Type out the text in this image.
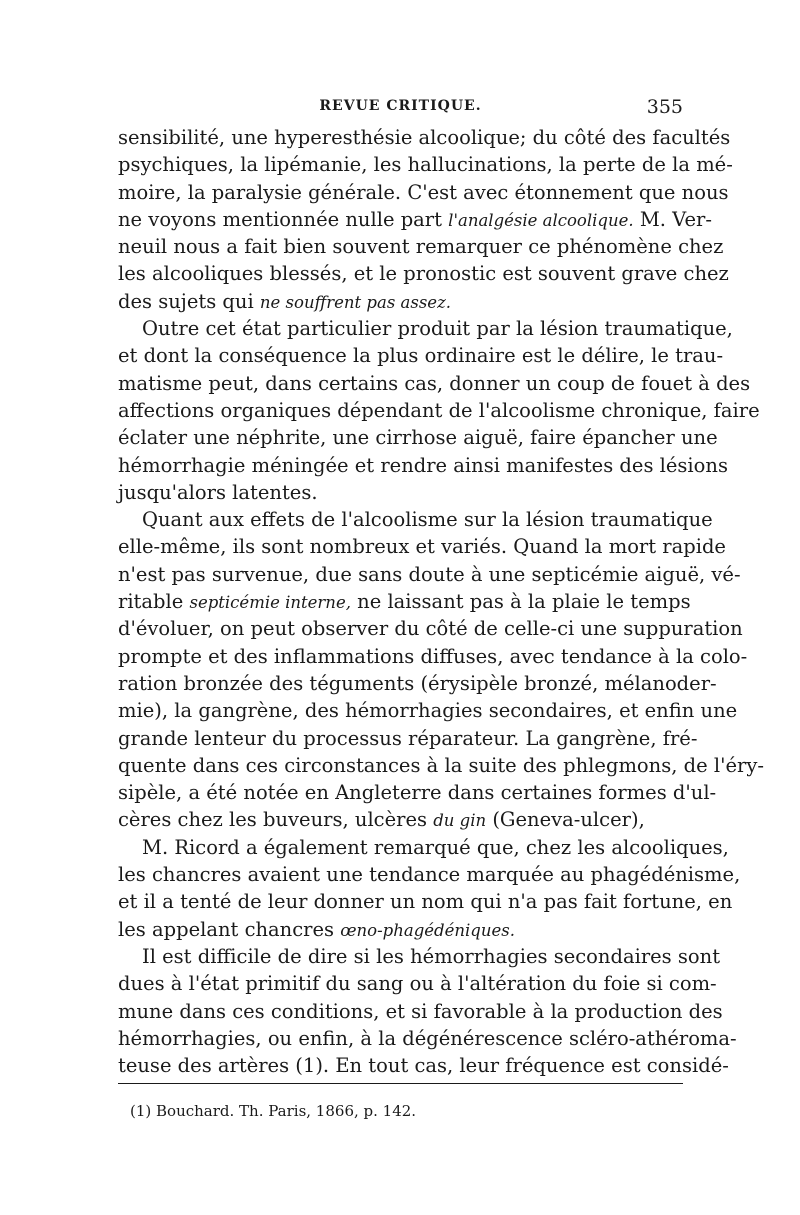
REVUE CRITIQUE.	355
sensibilité, une hyperesthésie alcoolique; du côté des facultés
psychiques, la lipémanie, les hallucinations, la perte de la mé-
moire, la paralysie générale. C'est avec étonnement que nous
ne voyons mentionnée nulle part l'analgésie alcoolique. M. Ver-
neuil nous a fait bien souvent remarquer ce phénomène chez
les alcooliques blessés, et le pronostic est souvent grave chez
des sujets qui ne souffrent pas assez.
Outre cet état particulier produit par la lésion traumatique,
et dont la conséquence la plus ordinaire est le délire, le trau-
matisme peut, dans certains cas, donner un coup de fouet à des
affections organiques dépendant de l'alcoolisme chronique, faire
éclater une néphrite, une cirrhose aiguë, faire épancher une
hémorrhagie méningée et rendre ainsi manifestes des lésions
jusqu'alors latentes.
Quant aux effets de l'alcoolisme sur la lésion traumatique
elle-même, ils sont nombreux et variés. Quand la mort rapide
n'est pas survenue, due sans doute à une septicémie aiguë, vé-
ritable septicémie interne, ne laissant pas à la plaie le temps
d'évoluer, on peut observer du côté de celle-ci une suppuration
prompte et des inflammations diffuses, avec tendance à la colo-
ration bronzée des téguments (érysipèle bronzé, mélanoder-
mie), la gangrène, des hémorrhagies secondaires, et enfin une
grande lenteur du processus réparateur. La gangrène, fré-
quente dans ces circonstances à la suite des phlegmons, de l'éry-
sipèle, a été notée en Angleterre dans certaines formes d'ul-
cères chez les buveurs, ulcères du gin (Geneva-ulcer),
M. Ricord a également remarqué que, chez les alcooliques,
les chancres avaient une tendance marquée au phagédénisme,
et il a tenté de leur donner un nom qui n'a pas fait fortune, en
les appelant chancres œno-phagédéniques.
Il est difficile de dire si les hémorrhagies secondaires sont
dues à l'état primitif du sang ou à l'altération du foie si com-
mune dans ces conditions, et si favorable à la production des
hémorrhagies, ou enfin, à la dégénérescence scléro-athéroma-
teuse des artères (1). En tout cas, leur fréquence est considé-
(1) Bouchard. Th. Paris, 1866, p. 142.
